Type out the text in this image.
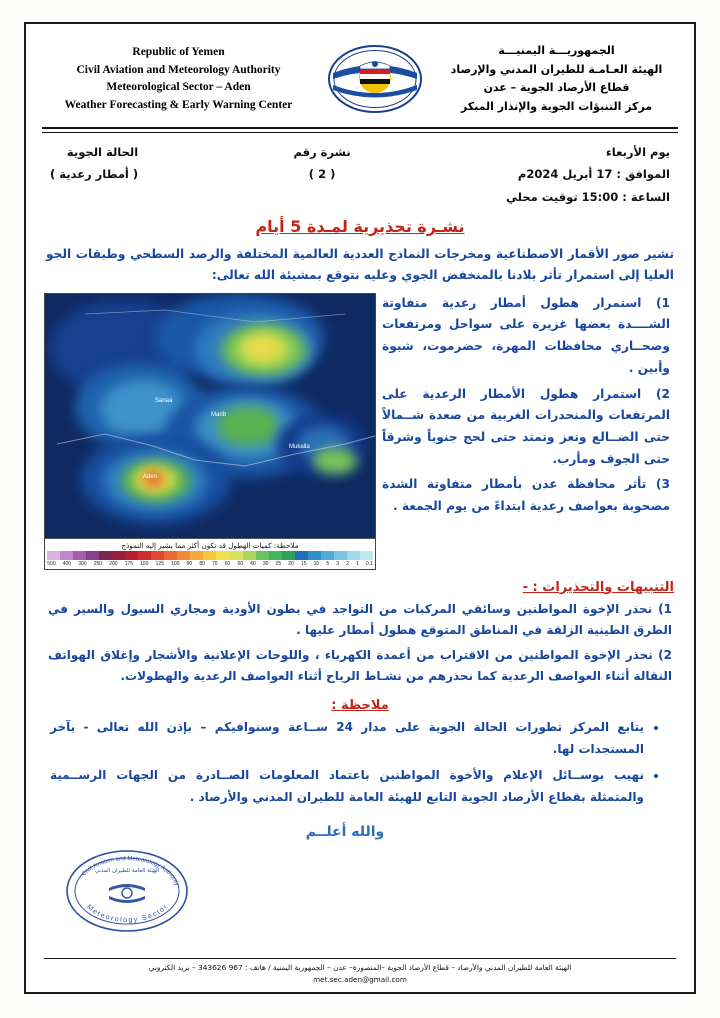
Republic of Yemen
Civil Aviation and Meteorology Authority
Meteorological Sector – Aden
Weather Forecasting & Early Warning Center
الجمهوريـــة اليمنيـــة
الهيئة العـامـة للطيران المدني والإرصاد
قطاع الأرصاد الجوية – عدن
مركز التنبؤات الجوية والإنذار المبكر
يوم الأربعاء
الموافق : 17 أبريل 2024م
الساعة : 15:00 توقيت محلي
نشرة رقم
( 2 )
الحالة الجوية
( أمطار رعدية )
نشـرة تحذيرية لمـدة 5 أيام
تشير صور الأقمار الاصطناعية ومخرجات النماذج العددية العالمية المختلفة والرصد السطحي وطبقات الجو العليا إلى استمرار تأثر بلادنا بالمنخفض الجوي وعليه نتوقع بمشيئة الله تعالى:

1) استمرار هطول أمطار رعدية متفاوتة الشــــدة بعضها غزيرة على سواحل ومرتفعات وصحــاري محافظات المهرة، حضرموت، شبوة وأبين .

2) استمرار هطول الأمطار الرعدية على المرتفعات والمنحدرات الغربية من صعدة شــمالاً حتى الضــالع وتعز وتمتد حتى لحج جنوباً وشرقاً حتى الجوف ومأرب.

3) تأثر محافظة عدن بأمطار متفاوتة الشدة مصحوبة بعواصف رعدية ابتداءً من يوم الجمعة .

Sanaa
Aden
Mukalla
Marib
ملاحظة: كميات الهطول قد تكون أكثر مما يشير إليه النموذج
0.1
1
2
3
5
10
15
20
25
30
40
50
60
70
80
90
100
125
150
175
200
250
300
400
500
التنبيهات والتحذيرات : -

1) نحذر الإخوة المواطنين وسائقي المركبات من التواجد في بطون الأودية ومجاري السيول والسير في الطرق الطينية الزلقة في المناطق المتوقع هطول أمطار عليها .

2) نحذر الإخوة المواطنين من الاقتراب من أعمدة الكهرباء ، واللوحات الإعلانية والأشجار وإغلاق الهواتف النقالة أثناء العواصف الرعدية كما نحذرهم من نشـاط الرياح أثناء العواصف الرعدية والهطولات.

ملاحظة :
• يتابع المركز تطورات الحالة الجوية على مدار 24 ســاعة وسنوافيكم – بإذن الله تعالى - بآخر المستجدات لها.
• نهيب بوســائل الإعلام والأخوة المواطنين باعتماد المعلومات الصــادرة من الجهات الرســمية والمتمثلة بقطاع الأرصاد الجوية التابع للهيئة العامة للطيران المدني والأرصاد .
والله أعلــم
Civil Aviation and Meteorology Authority
Meteorology Sector
الهيئة العامة للطيران المدني
الهيئة العامة للطيران المدني والأرصاد – قطاع الأرصاد الجوية –المنصورة– عدن – الجمهورية اليمنية / هاتف : 967 343626 – بريد الكتروني
met.sec.aden@gmail.com
